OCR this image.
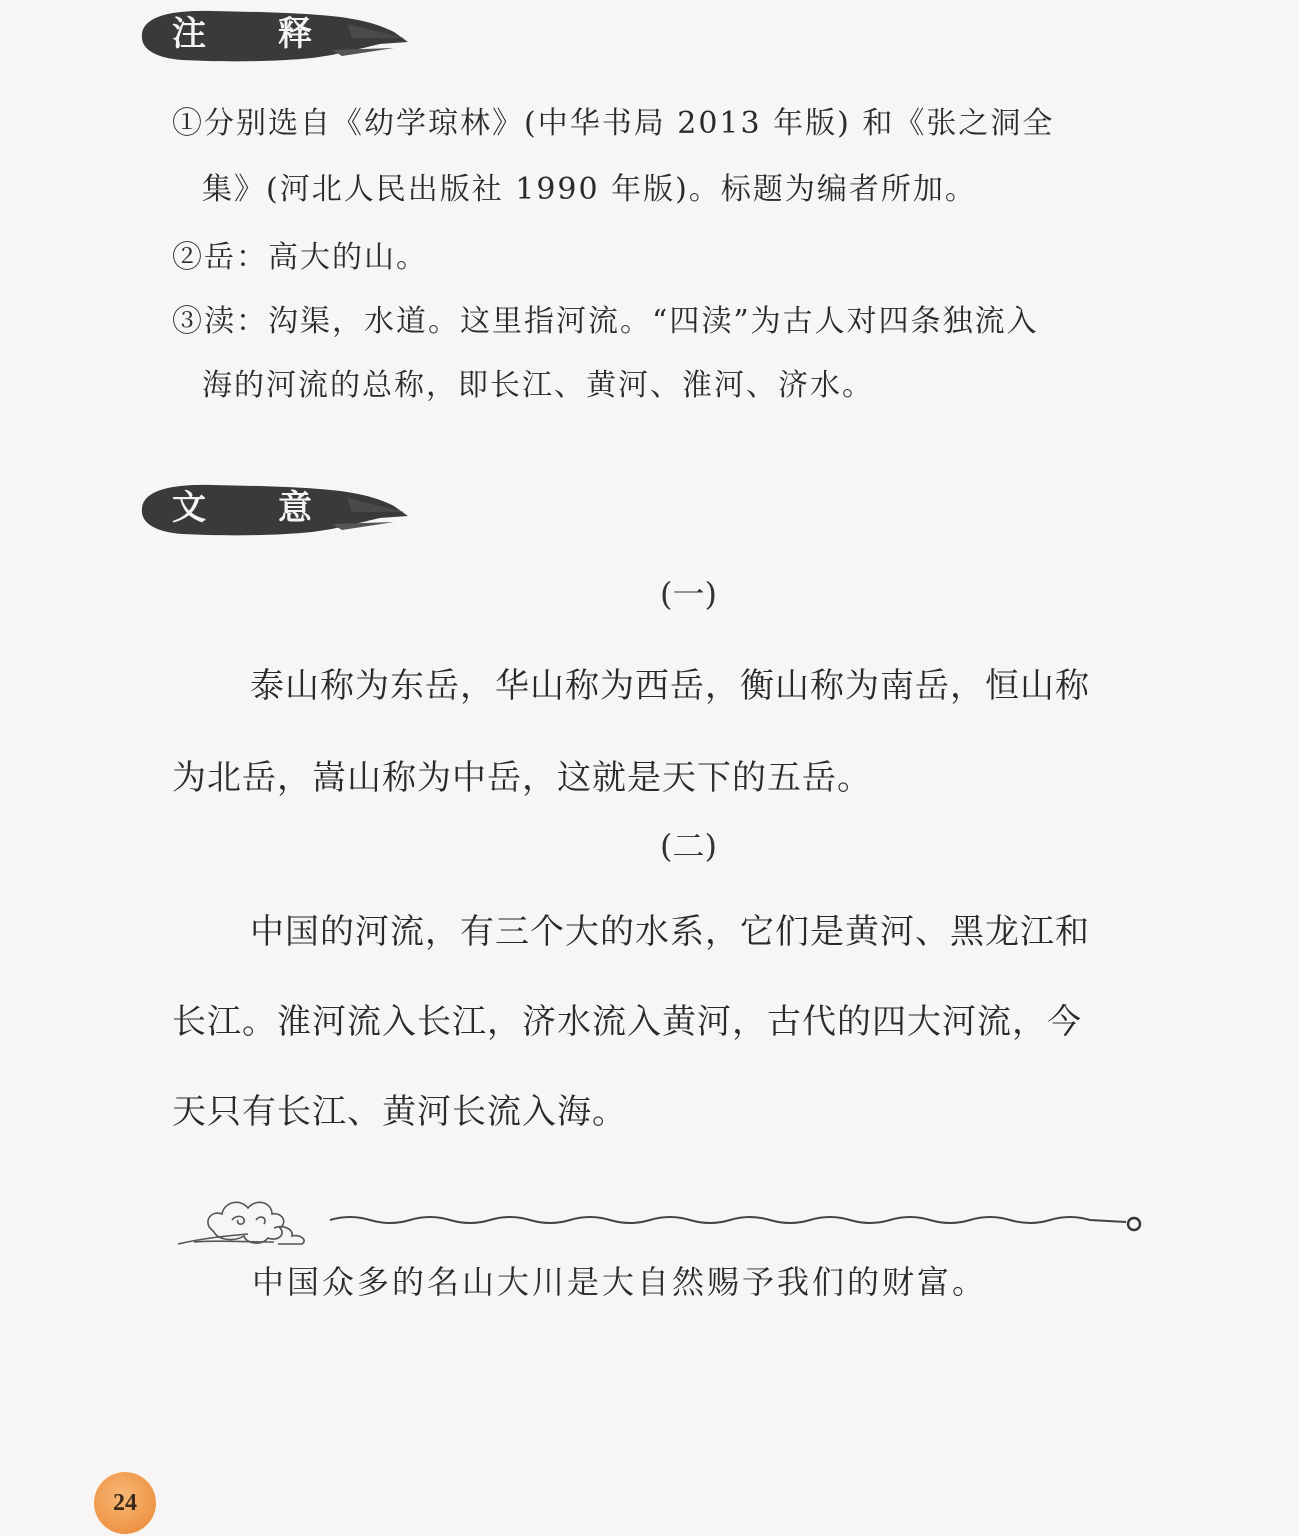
注 释
①分别选自《幼学琼林》(中华书局 2013 年版) 和《张之洞全
集》(河北人民出版社 1990 年版)。标题为编者所加。
②岳：高大的山。
③渎：沟渠，水道。这里指河流。“四渎”为古人对四条独流入
海的河流的总称，即长江、黄河、淮河、济水。
文 意
(一)
泰山称为东岳，华山称为西岳，衡山称为南岳，恒山称
为北岳，嵩山称为中岳，这就是天下的五岳。
(二)
中国的河流，有三个大的水系，它们是黄河、黑龙江和
长江。淮河流入长江，济水流入黄河，古代的四大河流，今
天只有长江、黄河长流入海。
中国众多的名山大川是大自然赐予我们的财富。
24
